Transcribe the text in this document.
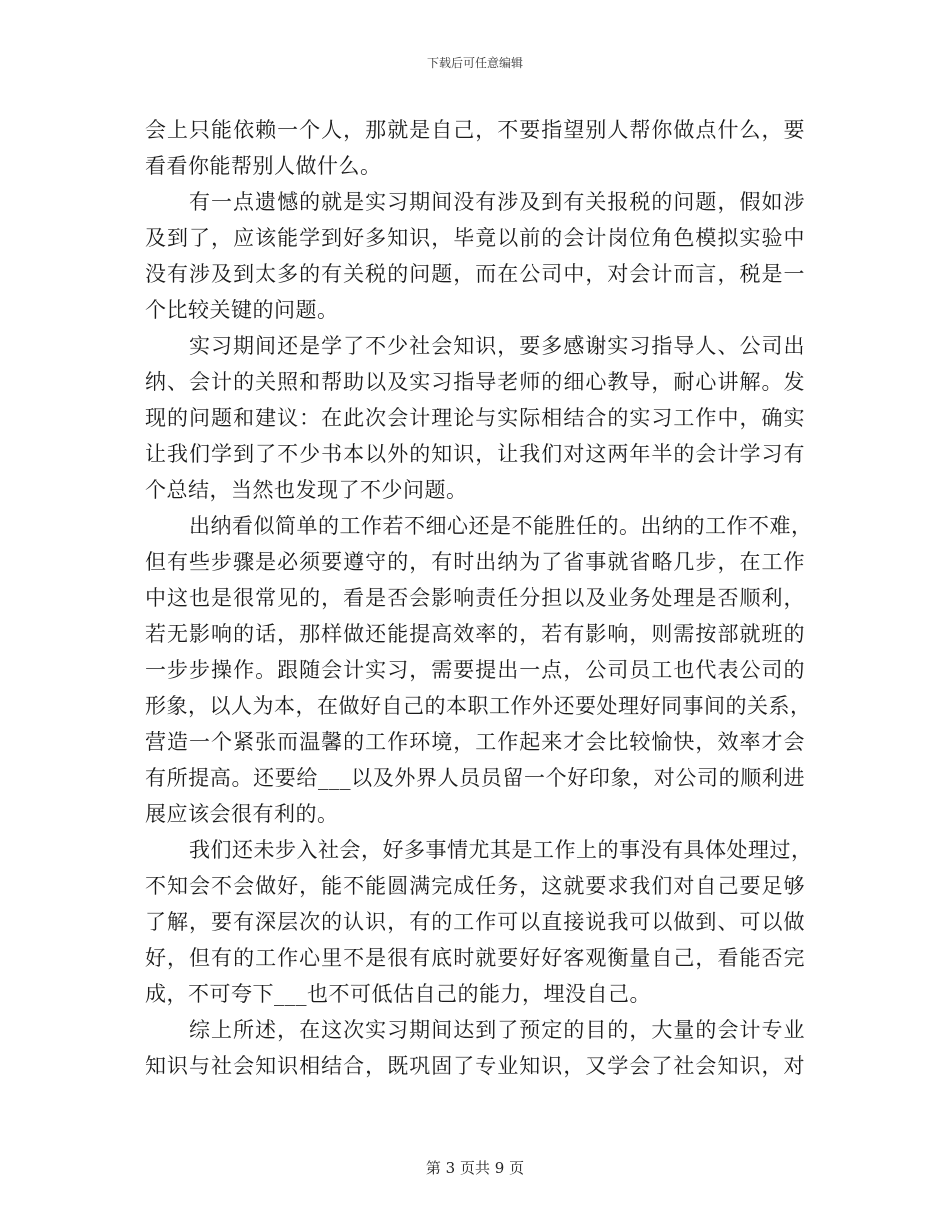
下载后可任意编辑
会上只能依赖一个人，那就是自己，不要指望别人帮你做点什么，要
看看你能帮别人做什么。
有一点遗憾的就是实习期间没有涉及到有关报税的问题，假如涉
及到了，应该能学到好多知识，毕竟以前的会计岗位角色模拟实验中
没有涉及到太多的有关税的问题，而在公司中，对会计而言，税是一
个比较关键的问题。
实习期间还是学了不少社会知识，要多感谢实习指导人、公司出
纳、会计的关照和帮助以及实习指导老师的细心教导，耐心讲解。发
现的问题和建议：在此次会计理论与实际相结合的实习工作中，确实
让我们学到了不少书本以外的知识，让我们对这两年半的会计学习有
个总结，当然也发现了不少问题。
出纳看似简单的工作若不细心还是不能胜任的。出纳的工作不难，
但有些步骤是必须要遵守的，有时出纳为了省事就省略几步，在工作
中这也是很常见的，看是否会影响责任分担以及业务处理是否顺利，
若无影响的话，那样做还能提高效率的，若有影响，则需按部就班的
一步步操作。跟随会计实习，需要提出一点，公司员工也代表公司的
形象，以人为本，在做好自己的本职工作外还要处理好同事间的关系，
营造一个紧张而温馨的工作环境，工作起来才会比较愉快，效率才会
有所提高。还要给___以及外界人员员留一个好印象，对公司的顺利进
展应该会很有利的。
我们还未步入社会，好多事情尤其是工作上的事没有具体处理过，
不知会不会做好，能不能圆满完成任务，这就要求我们对自己要足够
了解，要有深层次的认识，有的工作可以直接说我可以做到、可以做
好，但有的工作心里不是很有底时就要好好客观衡量自己，看能否完
成，不可夸下___也不可低估自己的能力，埋没自己。
综上所述，在这次实习期间达到了预定的目的，大量的会计专业
知识与社会知识相结合，既巩固了专业知识，又学会了社会知识，对
第 3 页共 9 页
